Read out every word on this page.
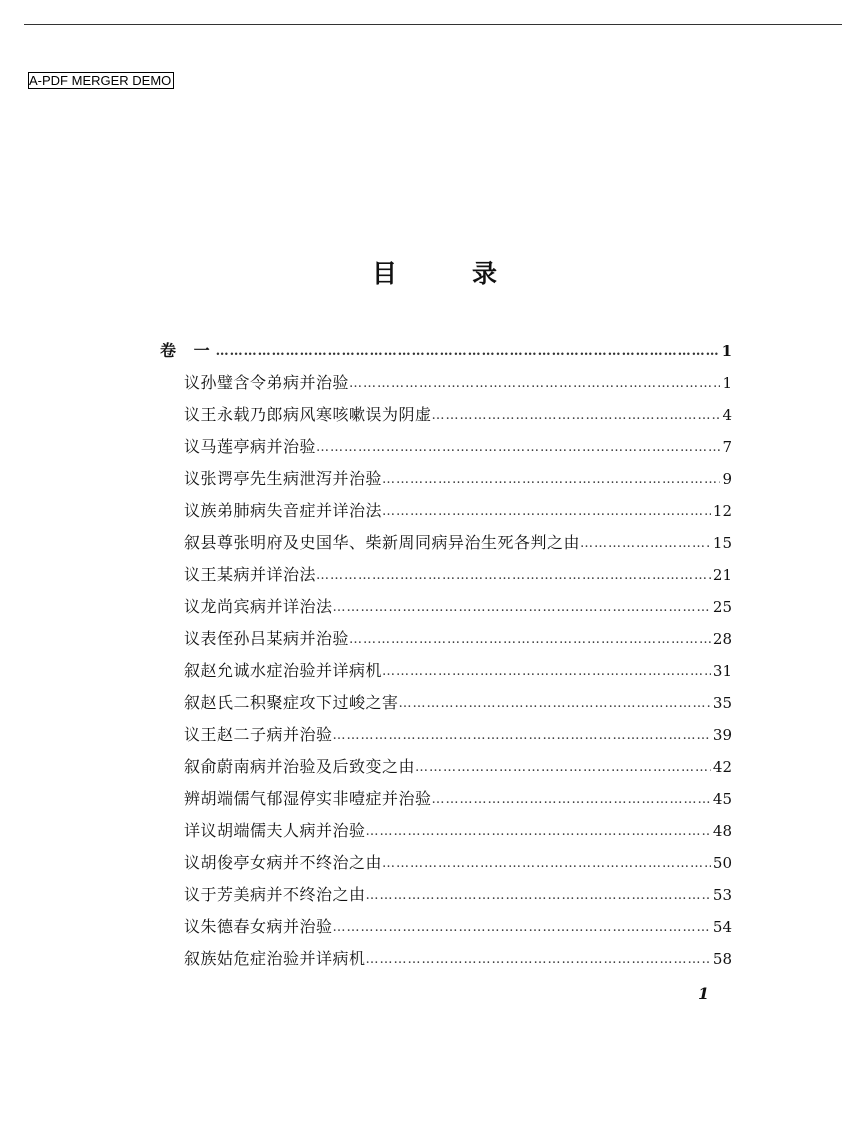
A-PDF MERGER DEMO
目	录
卷 一 …………………………………………………………………………………………………………………………………………	1
议孙璧含令弟病并治验 …………………………………………………………………………………………………………………………………………	1
议王永载乃郎病风寒咳嗽误为阴虚 …………………………………………………………………………………………………………………………………………	4
议马莲亭病并治验 …………………………………………………………………………………………………………………………………………	7
议张谔亭先生病泄泻并治验 …………………………………………………………………………………………………………………………………………	9
议族弟肺病失音症并详治法 …………………………………………………………………………………………………………………………………………	12
叙县尊张明府及史国华、柴新周同病异治生死各判之由 …………………………………………………………………………………………………………………………………………	15
议王某病并详治法 …………………………………………………………………………………………………………………………………………	21
议龙尚宾病并详治法 …………………………………………………………………………………………………………………………………………	25
议表侄孙吕某病并治验 …………………………………………………………………………………………………………………………………………	28
叙赵允诚水症治验并详病机 …………………………………………………………………………………………………………………………………………	31
叙赵氏二积聚症攻下过峻之害 …………………………………………………………………………………………………………………………………………	35
议王赵二子病并治验 …………………………………………………………………………………………………………………………………………	39
叙俞蔚南病并治验及后致变之由 …………………………………………………………………………………………………………………………………………	42
辨胡端儒气郁湿停实非噎症并治验 …………………………………………………………………………………………………………………………………………	45
详议胡端儒夫人病并治验 …………………………………………………………………………………………………………………………………………	48
议胡俊亭女病并不终治之由 …………………………………………………………………………………………………………………………………………	50
议于芳美病并不终治之由 …………………………………………………………………………………………………………………………………………	53
议朱德春女病并治验 …………………………………………………………………………………………………………………………………………	54
叙族姑危症治验并详病机 …………………………………………………………………………………………………………………………………………	58
1
